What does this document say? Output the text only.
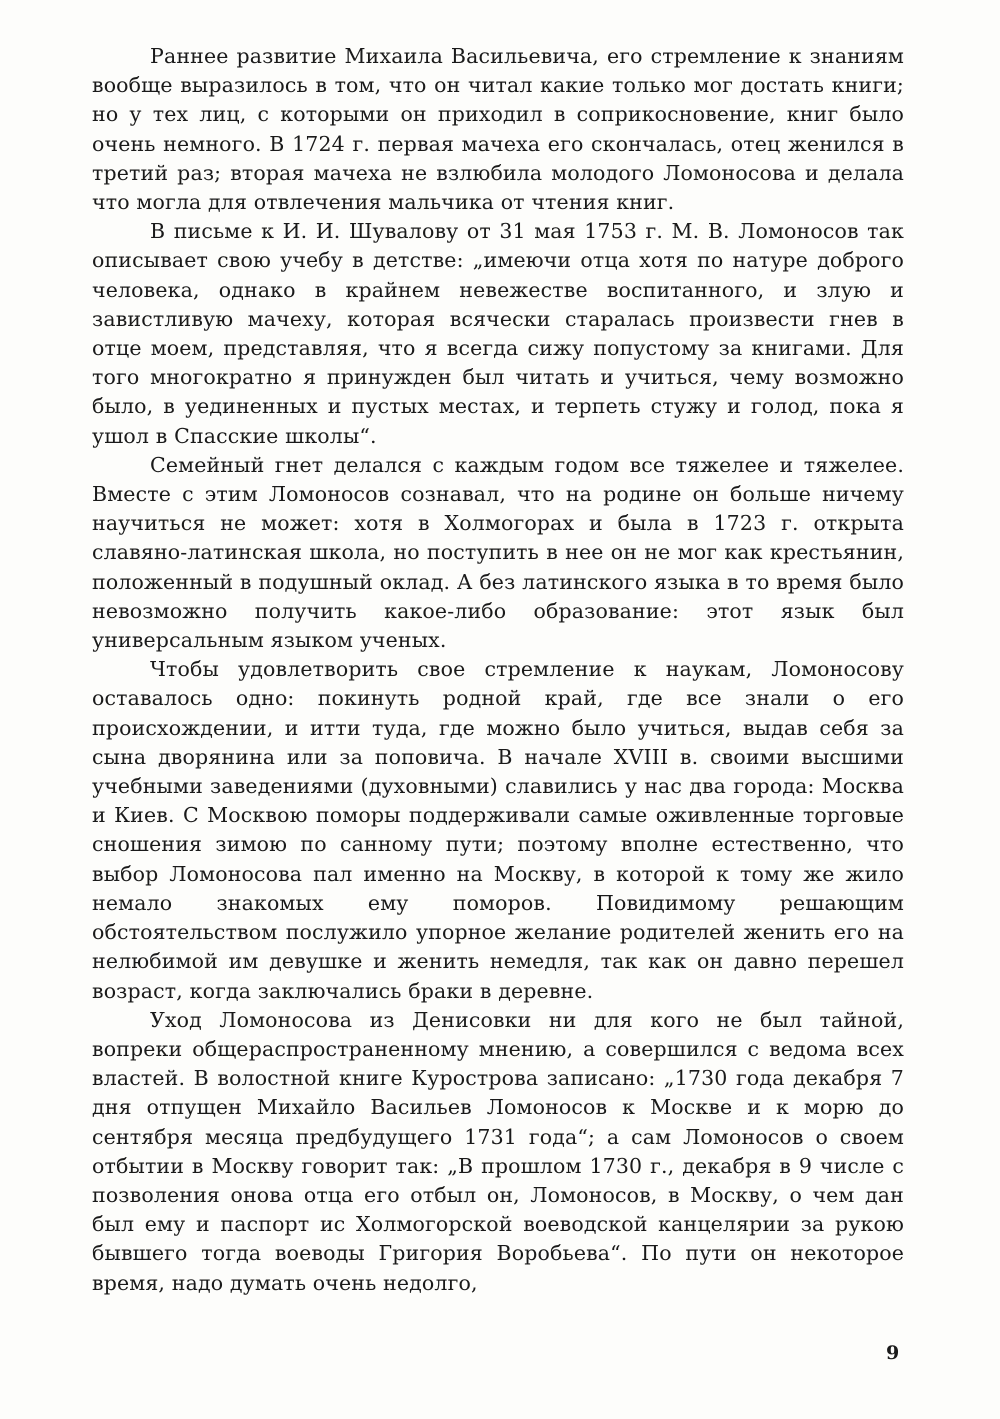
Раннее развитие Михаила Васильевича, его стремление к знаниям вообще выразилось в том, что он читал какие только мог достать книги; но у тех лиц, с которыми он приходил в соприкосновение, книг было очень немного. В 1724 г. первая мачеха его скончалась, отец женился в третий раз; вторая мачеха не взлюбила молодого Ломоносова и делала что могла для отвлечения мальчика от чтения книг.

В письме к И. И. Шувалову от 31 мая 1753 г. М. В. Ломоносов так описывает свою учебу в детстве: „имеючи отца хотя по натуре доброго человека, однако в крайнем невежестве воспитанного, и злую и завистливую мачеху, которая всячески старалась произвести гнев в отце моем, представляя, что я всегда сижу попустому за книгами. Для того многократно я принужден был читать и учиться, чему возможно было, в уединенных и пустых местах, и терпеть стужу и голод, пока я ушол в Спасские школы“.

Семейный гнет делался с каждым годом все тяжелее и тяжелее. Вместе с этим Ломоносов сознавал, что на родине он больше ничему научиться не может: хотя в Холмогорах и была в 1723 г. открыта славяно-латинская школа, но поступить в нее он не мог как крестьянин, положенный в подушный оклад. А без латинского языка в то время было невозможно получить какое-либо образование: этот язык был универсальным языком ученых.

Чтобы удовлетворить свое стремление к наукам, Ломоносову оставалось одно: покинуть родной край, где все знали о его происхождении, и итти туда, где можно было учиться, выдав себя за сына дворянина или за поповича. В начале XVIII в. своими высшими учебными заведениями (духовными) славились у нас два города: Москва и Киев. С Москвою поморы поддерживали самые оживленные торговые сношения зимою по санному пути; поэтому вполне естественно, что выбор Ломоносова пал именно на Москву, в которой к тому же жило немало знакомых ему поморов. Повидимому решающим обстоятельством послужило упорное желание родителей женить его на нелюбимой им девушке и женить немедля, так как он давно перешел возраст, когда заключались браки в деревне.

Уход Ломоносова из Денисовки ни для кого не был тайной, вопреки общераспространенному мнению, а совершился с ведома всех властей. В волостной книге Курострова записано: „1730 года декабря 7 дня отпущен Михайло Васильев Ломоносов к Москве и к морю до сентября месяца предбудущего 1731 года“; а сам Ломоносов о своем отбытии в Москву говорит так: „В прошлом 1730 г., декабря в 9 числе с позволения онова отца его отбыл он, Ломоносов, в Москву, о чем дан был ему и паспорт ис Холмогорской воеводской канцелярии за рукою бывшего тогда воеводы Григория Воробьева“. По пути он некоторое время, надо думать очень недолго,

9
